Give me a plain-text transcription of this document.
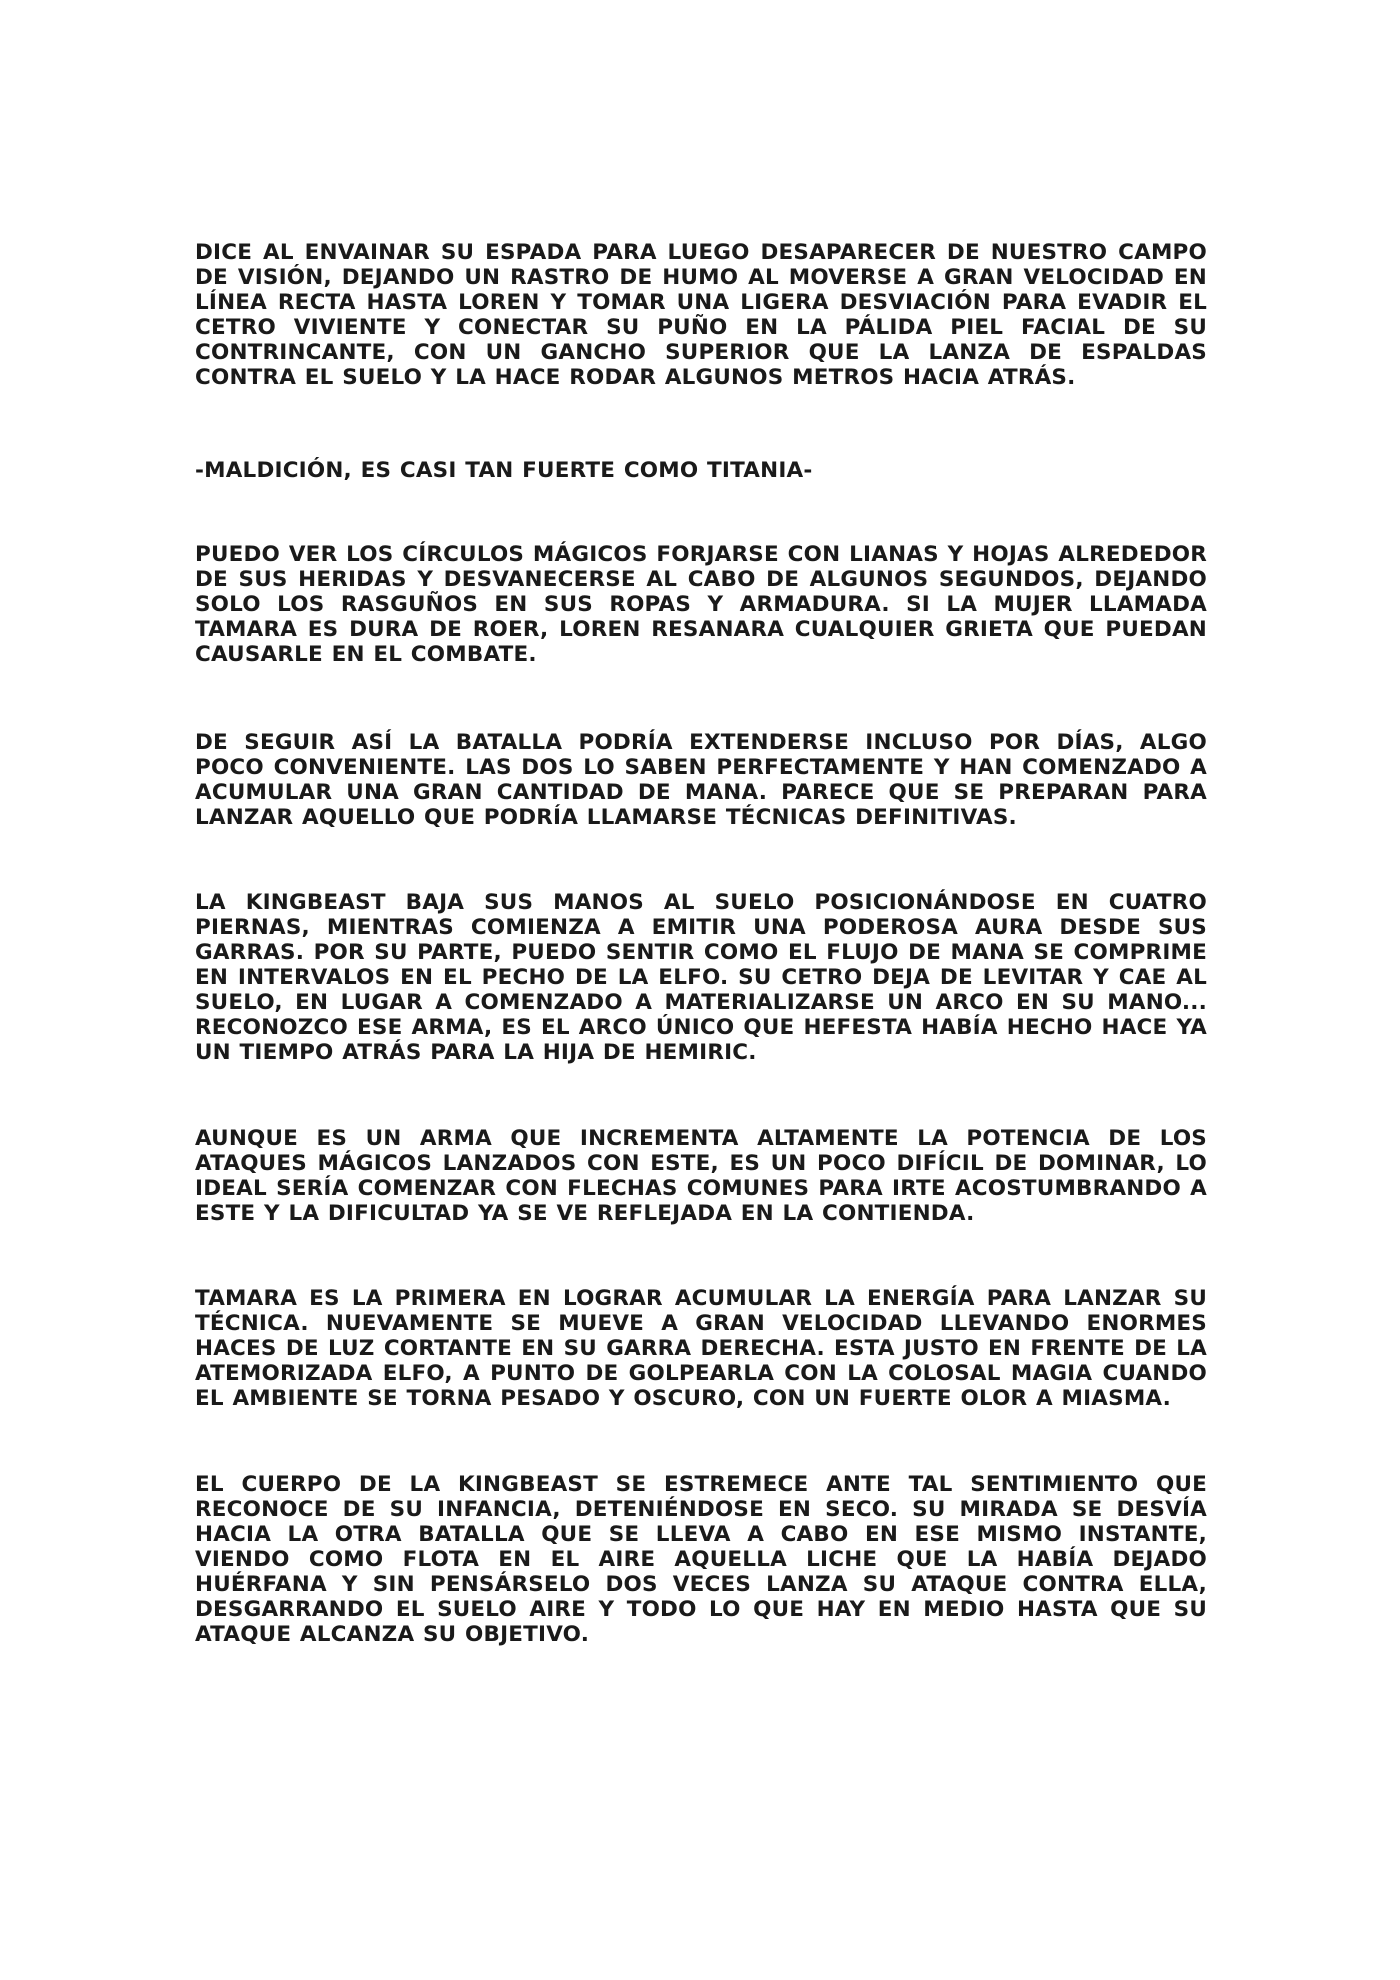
DICE AL ENVAINAR SU ESPADA PARA LUEGO DESAPARECER DE NUESTRO CAMPO DE VISIÓN, DEJANDO UN RASTRO DE HUMO AL MOVERSE A GRAN VELOCIDAD EN LÍNEA RECTA HASTA LOREN Y TOMAR UNA LIGERA DESVIACIÓN PARA EVADIR EL CETRO VIVIENTE Y CONECTAR SU PUÑO EN LA PÁLIDA PIEL FACIAL DE SU CONTRINCANTE, CON UN GANCHO SUPERIOR QUE LA LANZA DE ESPALDAS CONTRA EL SUELO Y LA HACE RODAR ALGUNOS METROS HACIA ATRÁS.

-MALDICIÓN, ES CASI TAN FUERTE COMO TITANIA-

PUEDO VER LOS CÍRCULOS MÁGICOS FORJARSE CON LIANAS Y HOJAS ALREDEDOR DE SUS HERIDAS Y DESVANECERSE AL CABO DE ALGUNOS SEGUNDOS, DEJANDO SOLO LOS RASGUÑOS EN SUS ROPAS Y ARMADURA. SI LA MUJER LLAMADA TAMARA ES DURA DE ROER, LOREN RESANARA CUALQUIER GRIETA QUE PUEDAN CAUSARLE EN EL COMBATE.

DE SEGUIR ASÍ LA BATALLA PODRÍA EXTENDERSE INCLUSO POR DÍAS, ALGO POCO CONVENIENTE. LAS DOS LO SABEN PERFECTAMENTE Y HAN COMENZADO A ACUMULAR UNA GRAN CANTIDAD DE MANA. PARECE QUE SE PREPARAN PARA LANZAR AQUELLO QUE PODRÍA LLAMARSE TÉCNICAS DEFINITIVAS.

LA KINGBEAST BAJA SUS MANOS AL SUELO POSICIONÁNDOSE EN CUATRO PIERNAS, MIENTRAS COMIENZA A EMITIR UNA PODEROSA AURA DESDE SUS GARRAS. POR SU PARTE, PUEDO SENTIR COMO EL FLUJO DE MANA SE COMPRIME EN INTERVALOS EN EL PECHO DE LA ELFO. SU CETRO DEJA DE LEVITAR Y CAE AL SUELO, EN LUGAR A COMENZADO A MATERIALIZARSE UN ARCO EN SU MANO... RECONOZCO ESE ARMA, ES EL ARCO ÚNICO QUE HEFESTA HABÍA HECHO HACE YA UN TIEMPO ATRÁS PARA LA HIJA DE HEMIRIC.

AUNQUE ES UN ARMA QUE INCREMENTA ALTAMENTE LA POTENCIA DE LOS ATAQUES MÁGICOS LANZADOS CON ESTE, ES UN POCO DIFÍCIL DE DOMINAR, LO IDEAL SERÍA COMENZAR CON FLECHAS COMUNES PARA IRTE ACOSTUMBRANDO A ESTE Y LA DIFICULTAD YA SE VE REFLEJADA EN LA CONTIENDA.

TAMARA ES LA PRIMERA EN LOGRAR ACUMULAR LA ENERGÍA PARA LANZAR SU TÉCNICA. NUEVAMENTE SE MUEVE A GRAN VELOCIDAD LLEVANDO ENORMES HACES DE LUZ CORTANTE EN SU GARRA DERECHA. ESTA JUSTO EN FRENTE DE LA ATEMORIZADA ELFO, A PUNTO DE GOLPEARLA CON LA COLOSAL MAGIA CUANDO EL AMBIENTE SE TORNA PESADO Y OSCURO, CON UN FUERTE OLOR A MIASMA.

EL CUERPO DE LA KINGBEAST SE ESTREMECE ANTE TAL SENTIMIENTO QUE RECONOCE DE SU INFANCIA, DETENIÉNDOSE EN SECO. SU MIRADA SE DESVÍA HACIA LA OTRA BATALLA QUE SE LLEVA A CABO EN ESE MISMO INSTANTE, VIENDO COMO FLOTA EN EL AIRE AQUELLA LICHE QUE LA HABÍA DEJADO HUÉRFANA Y SIN PENSÁRSELO DOS VECES LANZA SU ATAQUE CONTRA ELLA, DESGARRANDO EL SUELO AIRE Y TODO LO QUE HAY EN MEDIO HASTA QUE SU ATAQUE ALCANZA SU OBJETIVO.
